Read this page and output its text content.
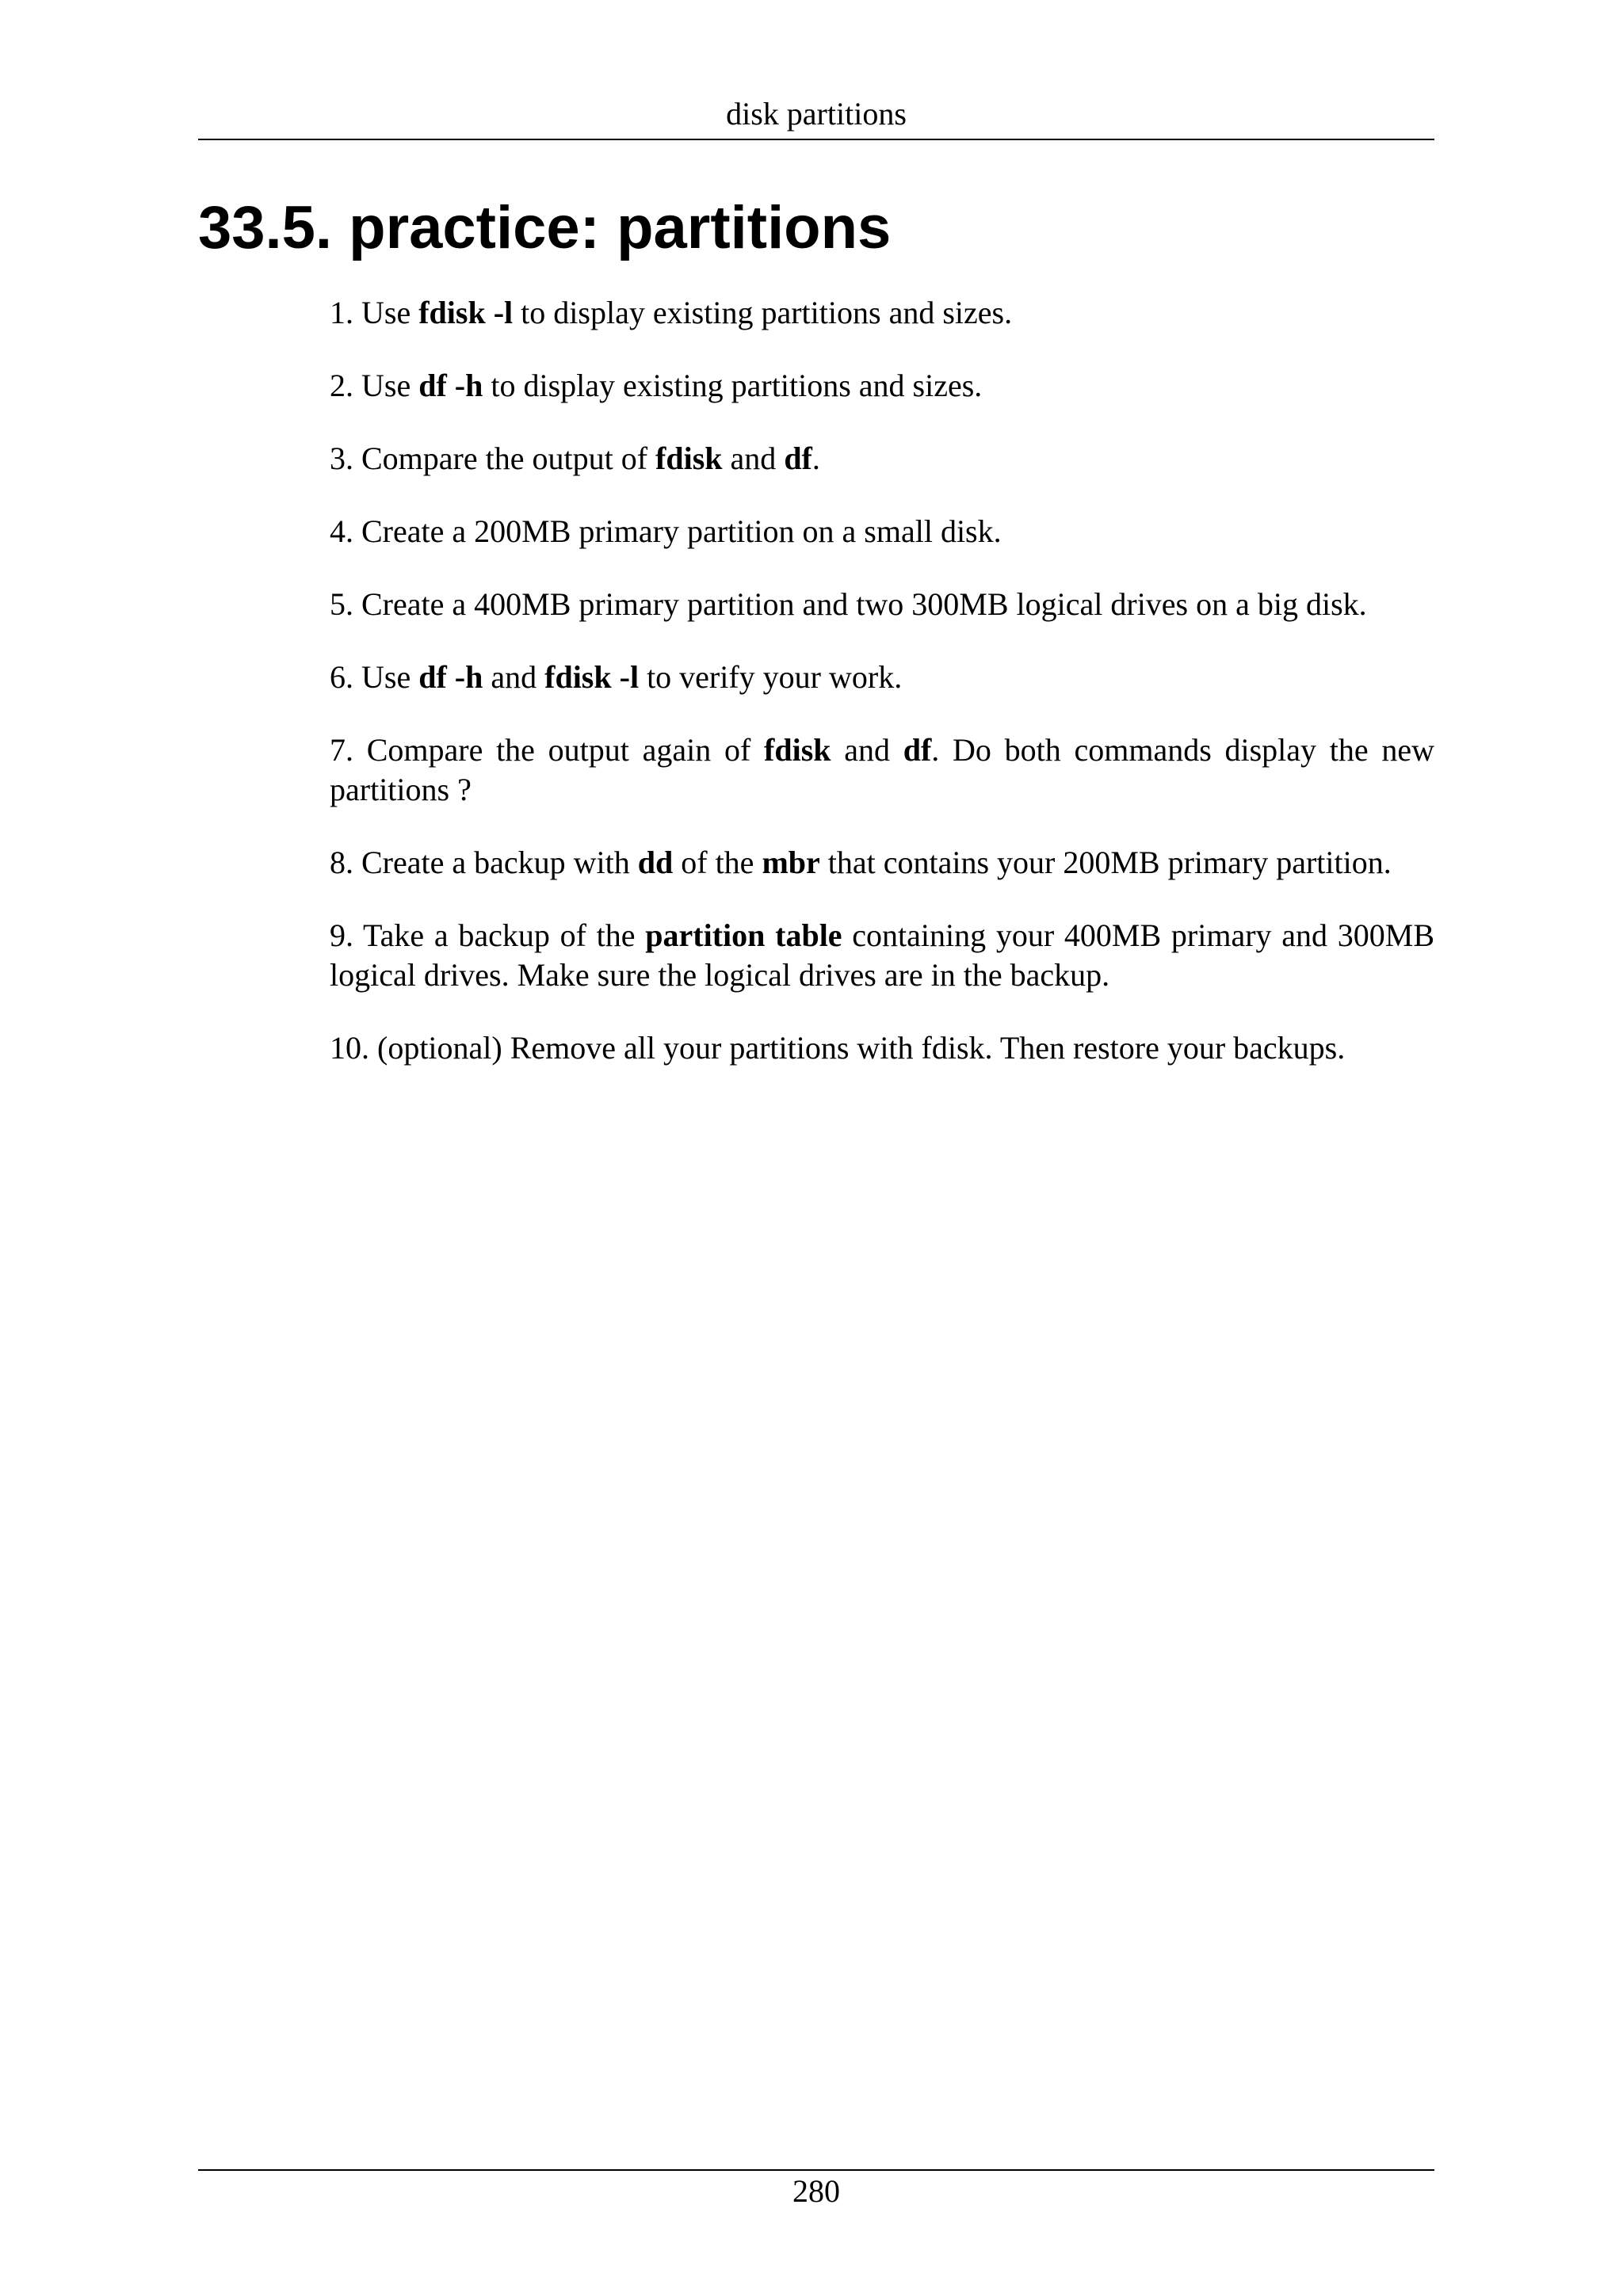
disk partitions
33.5. practice: partitions
1. Use fdisk -l to display existing partitions and sizes.
2. Use df -h to display existing partitions and sizes.
3. Compare the output of fdisk and df.
4. Create a 200MB primary partition on a small disk.
5. Create a 400MB primary partition and two 300MB logical drives on a big disk.
6. Use df -h and fdisk -l to verify your work.
7. Compare the output again of fdisk and df. Do both commands display the new partitions ?
8. Create a backup with dd of the mbr that contains your 200MB primary partition.
9. Take a backup of the partition table containing your 400MB primary and 300MB logical drives. Make sure the logical drives are in the backup.
10. (optional) Remove all your partitions with fdisk. Then restore your backups.
280
